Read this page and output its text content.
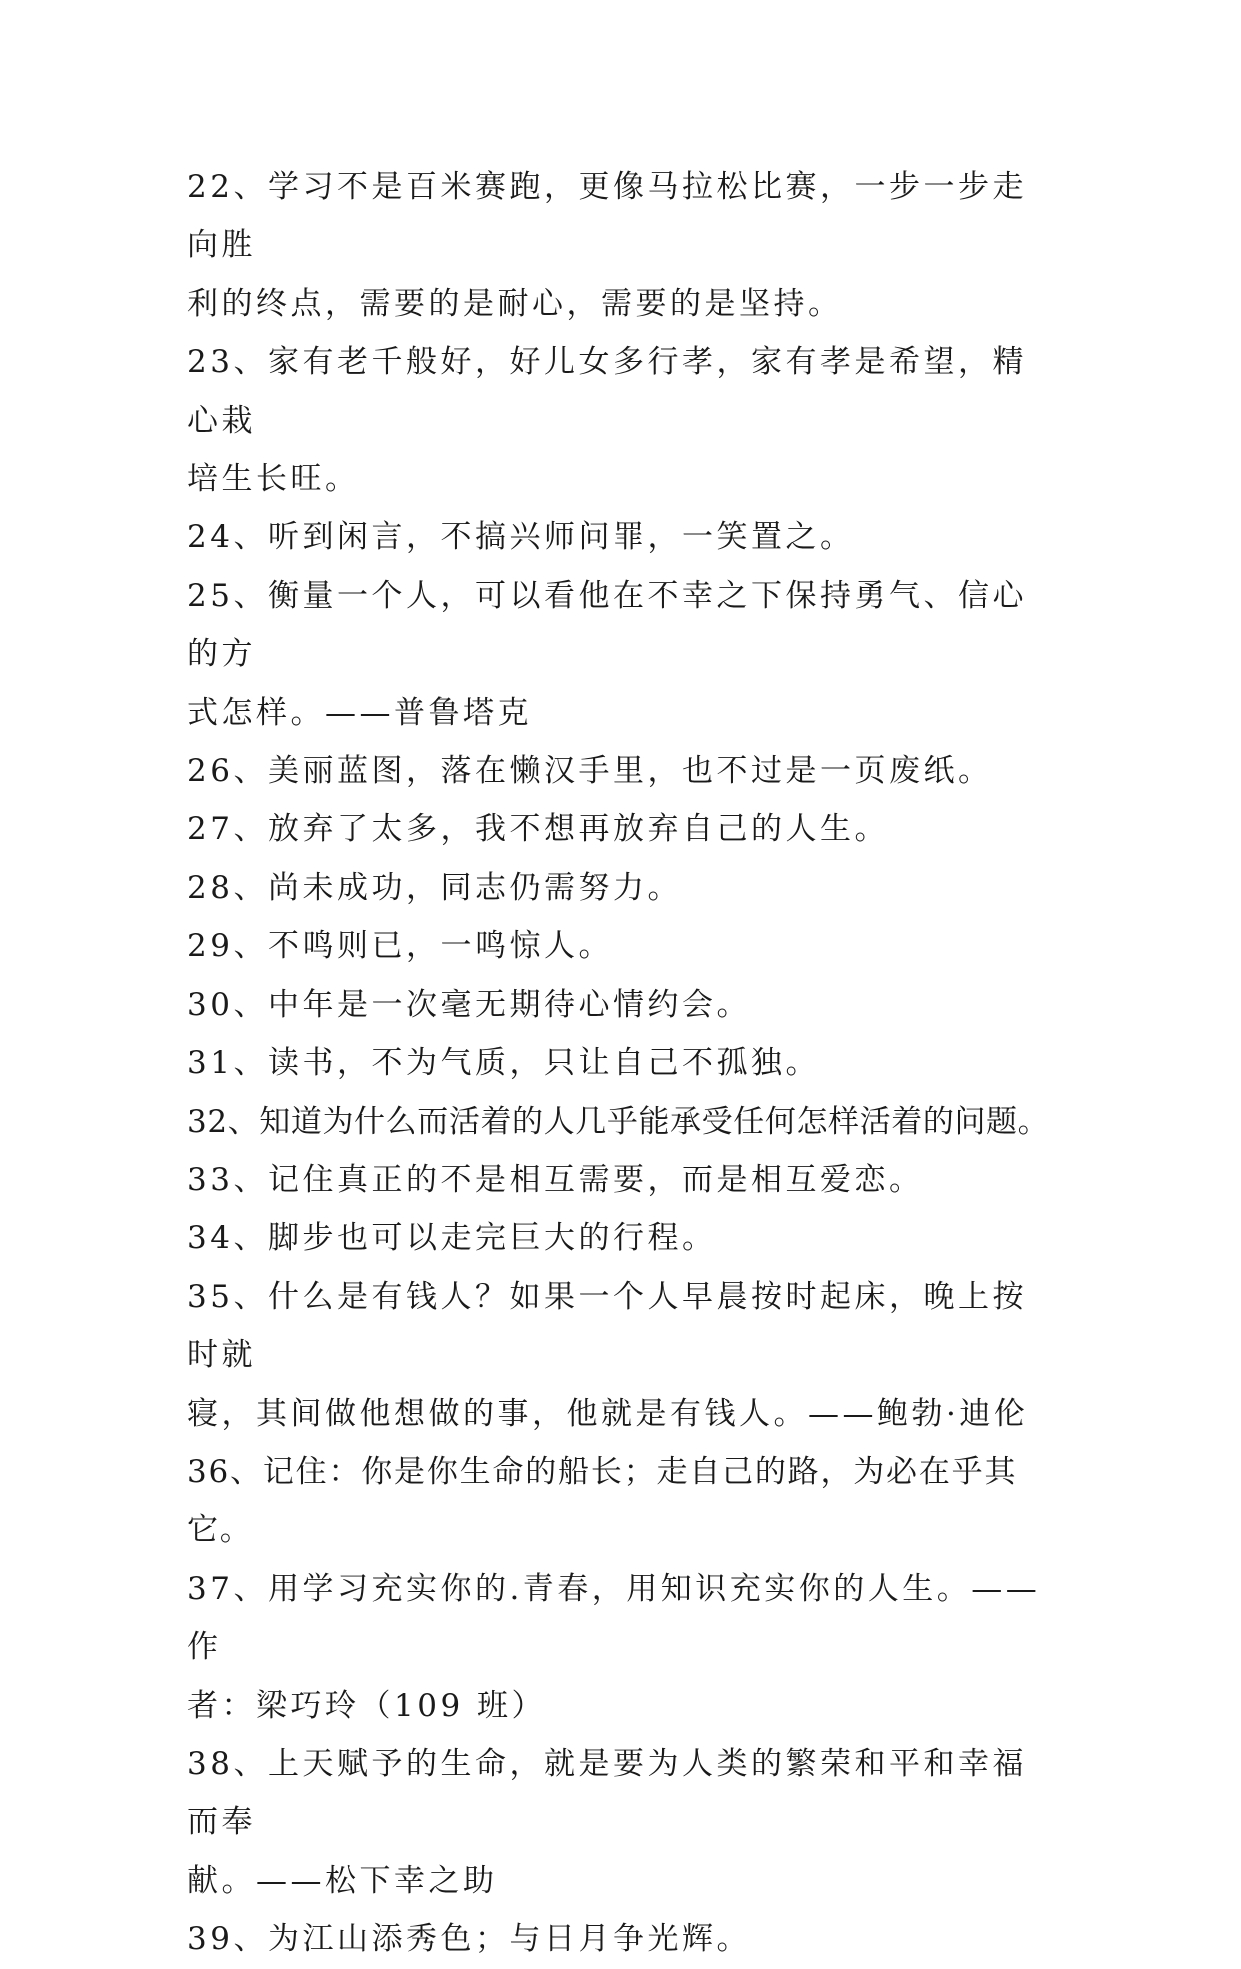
22、学习不是百米赛跑，更像马拉松比赛，一步一步走向胜
利的终点，需要的是耐心，需要的是坚持。

23、家有老千般好，好儿女多行孝，家有孝是希望，精心栽
培生长旺。

24、听到闲言，不搞兴师问罪，一笑置之。

25、衡量一个人，可以看他在不幸之下保持勇气、信心的方
式怎样。——普鲁塔克

26、美丽蓝图，落在懒汉手里，也不过是一页废纸。

27、放弃了太多，我不想再放弃自己的人生。

28、尚未成功，同志仍需努力。

29、不鸣则已，一鸣惊人。

30、中年是一次毫无期待心情约会。

31、读书，不为气质，只让自己不孤独。

32、知道为什么而活着的人几乎能承受任何怎样活着的问题。

33、记住真正的不是相互需要，而是相互爱恋。

34、脚步也可以走完巨大的行程。

35、什么是有钱人？如果一个人早晨按时起床，晚上按时就
寝，其间做他想做的事，他就是有钱人。——鲍勃·迪伦

36、记住：你是你生命的船长；走自己的路，为必在乎其它。

37、用学习充实你的.青春，用知识充实你的人生。——作
者：梁巧玲（109 班）

38、上天赋予的生命，就是要为人类的繁荣和平和幸福而奉
献。——松下幸之助

39、为江山添秀色；与日月争光辉。
